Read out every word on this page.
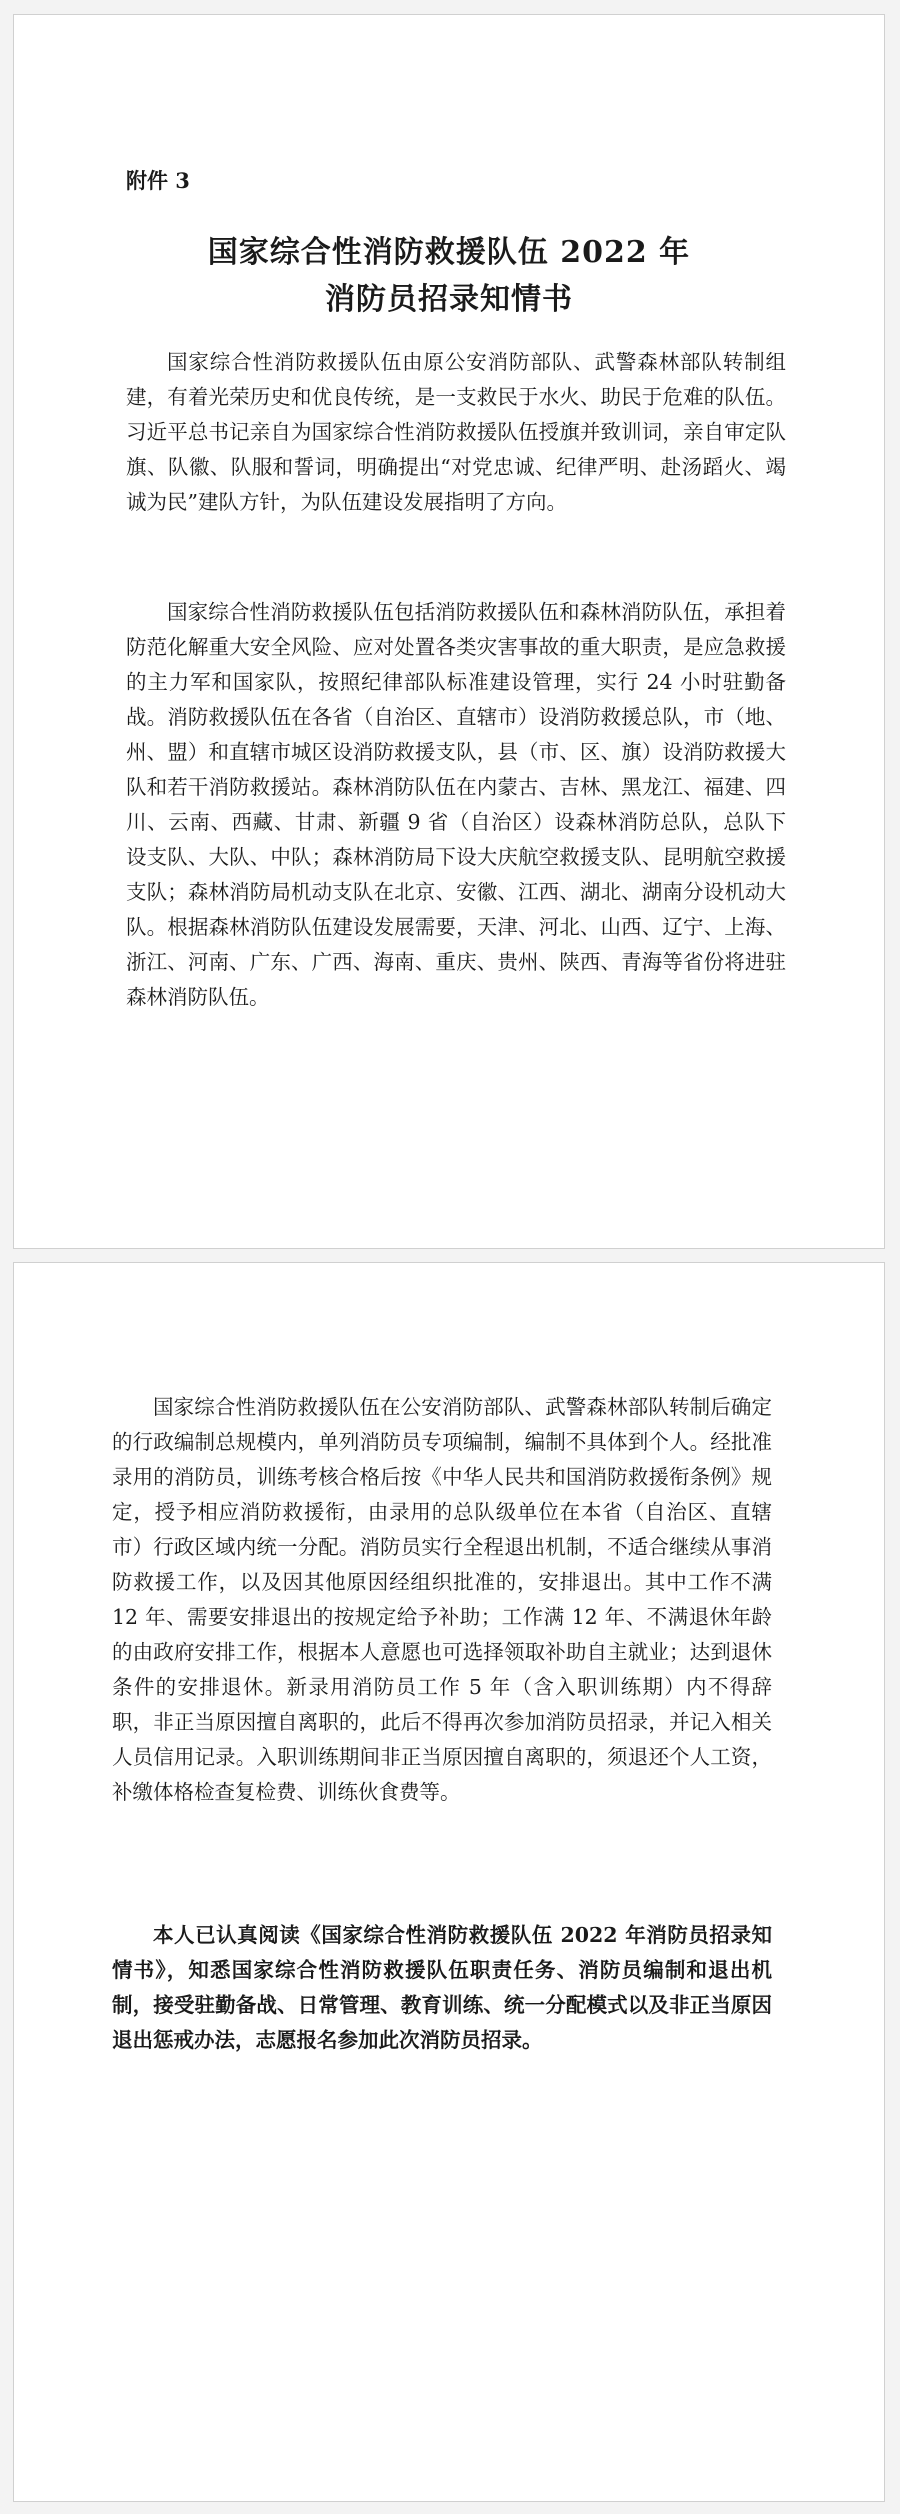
附件 3
国家综合性消防救援队伍 2022 年
消防员招录知情书

国家综合性消防救援队伍由原公安消防部队、武警森林部队转制组建，有着光荣历史和优良传统，是一支救民于水火、助民于危难的队伍。习近平总书记亲自为国家综合性消防救援队伍授旗并致训词，亲自审定队旗、队徽、队服和誓词，明确提出“对党忠诚、纪律严明、赴汤蹈火、竭诚为民”建队方针，为队伍建设发展指明了方向。

国家综合性消防救援队伍包括消防救援队伍和森林消防队伍，承担着防范化解重大安全风险、应对处置各类灾害事故的重大职责，是应急救援的主力军和国家队，按照纪律部队标准建设管理，实行 24 小时驻勤备战。消防救援队伍在各省（自治区、直辖市）设消防救援总队，市（地、州、盟）和直辖市城区设消防救援支队，县（市、区、旗）设消防救援大队和若干消防救援站。森林消防队伍在内蒙古、吉林、黑龙江、福建、四川、云南、西藏、甘肃、新疆 9 省（自治区）设森林消防总队，总队下设支队、大队、中队；森林消防局下设大庆航空救援支队、昆明航空救援支队；森林消防局机动支队在北京、安徽、江西、湖北、湖南分设机动大队。根据森林消防队伍建设发展需要，天津、河北、山西、辽宁、上海、浙江、河南、广东、广西、海南、重庆、贵州、陕西、青海等省份将进驻森林消防队伍。

国家综合性消防救援队伍在公安消防部队、武警森林部队转制后确定的行政编制总规模内，单列消防员专项编制，编制不具体到个人。经批准录用的消防员，训练考核合格后按《中华人民共和国消防救援衔条例》规定，授予相应消防救援衔，由录用的总队级单位在本省（自治区、直辖市）行政区域内统一分配。消防员实行全程退出机制，不适合继续从事消防救援工作，以及因其他原因经组织批准的，安排退出。其中工作不满 12 年、需要安排退出的按规定给予补助；工作满 12 年、不满退休年龄的由政府安排工作，根据本人意愿也可选择领取补助自主就业；达到退休条件的安排退休。新录用消防员工作 5 年（含入职训练期）内不得辞职，非正当原因擅自离职的，此后不得再次参加消防员招录，并记入相关人员信用记录。入职训练期间非正当原因擅自离职的，须退还个人工资，补缴体格检查复检费、训练伙食费等。

本人已认真阅读《国家综合性消防救援队伍 2022 年消防员招录知情书》，知悉国家综合性消防救援队伍职责任务、消防员编制和退出机制，接受驻勤备战、日常管理、教育训练、统一分配模式以及非正当原因退出惩戒办法，志愿报名参加此次消防员招录。
